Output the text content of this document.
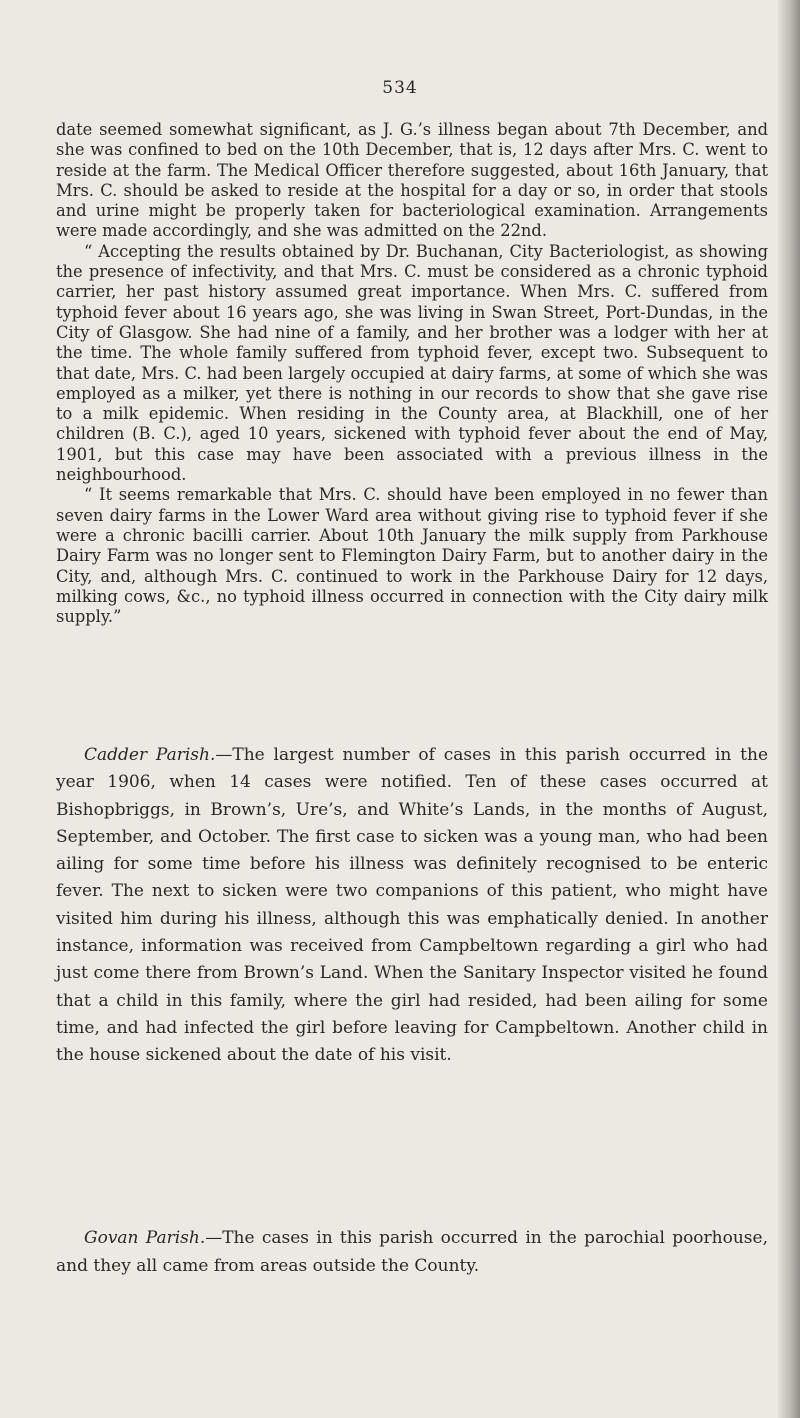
534

date seemed somewhat significant, as J. G.’s illness began about 7th December, and she was confined to bed on the 10th December, that is, 12 days after Mrs. C. went to reside at the farm. The Medical Officer therefore suggested, about 16th January, that Mrs. C. should be asked to reside at the hospital for a day or so, in order that stools and urine might be properly taken for bacteriological examination. Arrangements were made accordingly, and she was admitted on the 22nd.

“ Accepting the results obtained by Dr. Buchanan, City Bacteriologist, as showing the presence of infectivity, and that Mrs. C. must be considered as a chronic typhoid carrier, her past history assumed great importance. When Mrs. C. suffered from typhoid fever about 16 years ago, she was living in Swan Street, Port-Dundas, in the City of Glasgow. She had nine of a family, and her brother was a lodger with her at the time. The whole family suffered from typhoid fever, except two. Subsequent to that date, Mrs. C. had been largely occupied at dairy farms, at some of which she was employed as a milker, yet there is nothing in our records to show that she gave rise to a milk epidemic. When residing in the County area, at Blackhill, one of her children (B. C.), aged 10 years, sickened with typhoid fever about the end of May, 1901, but this case may have been associated with a previous illness in the neighbourhood.

“ It seems remarkable that Mrs. C. should have been employed in no fewer than seven dairy farms in the Lower Ward area without giving rise to typhoid fever if she were a chronic bacilli carrier. About 10th January the milk supply from Parkhouse Dairy Farm was no longer sent to Flemington Dairy Farm, but to another dairy in the City, and, although Mrs. C. continued to work in the Parkhouse Dairy for 12 days, milking cows, &c., no typhoid illness occurred in connection with the City dairy milk supply.”

Cadder Parish.—The largest number of cases in this parish occurred in the year 1906, when 14 cases were notified. Ten of these cases occurred at Bishopbriggs, in Brown’s, Ure’s, and White’s Lands, in the months of August, September, and October. The first case to sicken was a young man, who had been ailing for some time before his illness was definitely recognised to be enteric fever. The next to sicken were two companions of this patient, who might have visited him during his illness, although this was emphatically denied. In another instance, information was received from Campbeltown regarding a girl who had just come there from Brown’s Land. When the Sanitary Inspector visited he found that a child in this family, where the girl had resided, had been ailing for some time, and had infected the girl before leaving for Campbeltown. Another child in the house sickened about the date of his visit.

Govan Parish.—The cases in this parish occurred in the parochial poorhouse, and they all came from areas outside the County.
